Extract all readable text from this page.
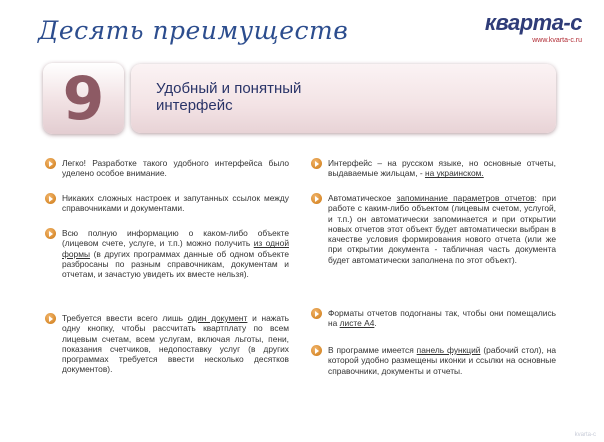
Десять преимуществ	кварта-с
www.kvarta-c.ru
9	Удобный и понятный
интерфейс

Легко! Разработке такого удобного интерфейса было уделено особое внимание.

Никаких сложных настроек и запутанных ссылок между справочниками и документами.

Всю полную информацию о каком-либо объекте (лицевом счете, услуге, и т.п.) можно получить из одной формы (в других программах данные об одном объекте разбросаны по разным справочникам, документам и отчетам, и зачастую увидеть их вместе нельзя).

Требуется ввести всего лишь один документ и нажать одну кнопку, чтобы рассчитать квартплату по всем лицевым счетам, всем услугам, включая льготы, пени, показания счетчиков, недопоставку услуг (в других программах требуется ввести несколько десятков документов).

Интерфейс – на русском языке, но основные отчеты, выдаваемые жильцам, - на украинском.

Автоматическое запоминание параметров отчетов: при работе с каким-либо объектом (лицевым счетом, услугой, и т.п.) он автоматически запоминается и при открытии новых отчетов этот объект будет автоматически выбран в качестве условия формирования нового отчета (или же при открытии документа - табличная часть документа будет автоматически заполнена по этот объект).

Форматы отчетов подогнаны так, чтобы они помещались на листе А4.

В программе имеется панель функций (рабочий стол), на которой удобно размещены иконки и ссылки на основные справочники, документы и отчеты.

kvarta-c
